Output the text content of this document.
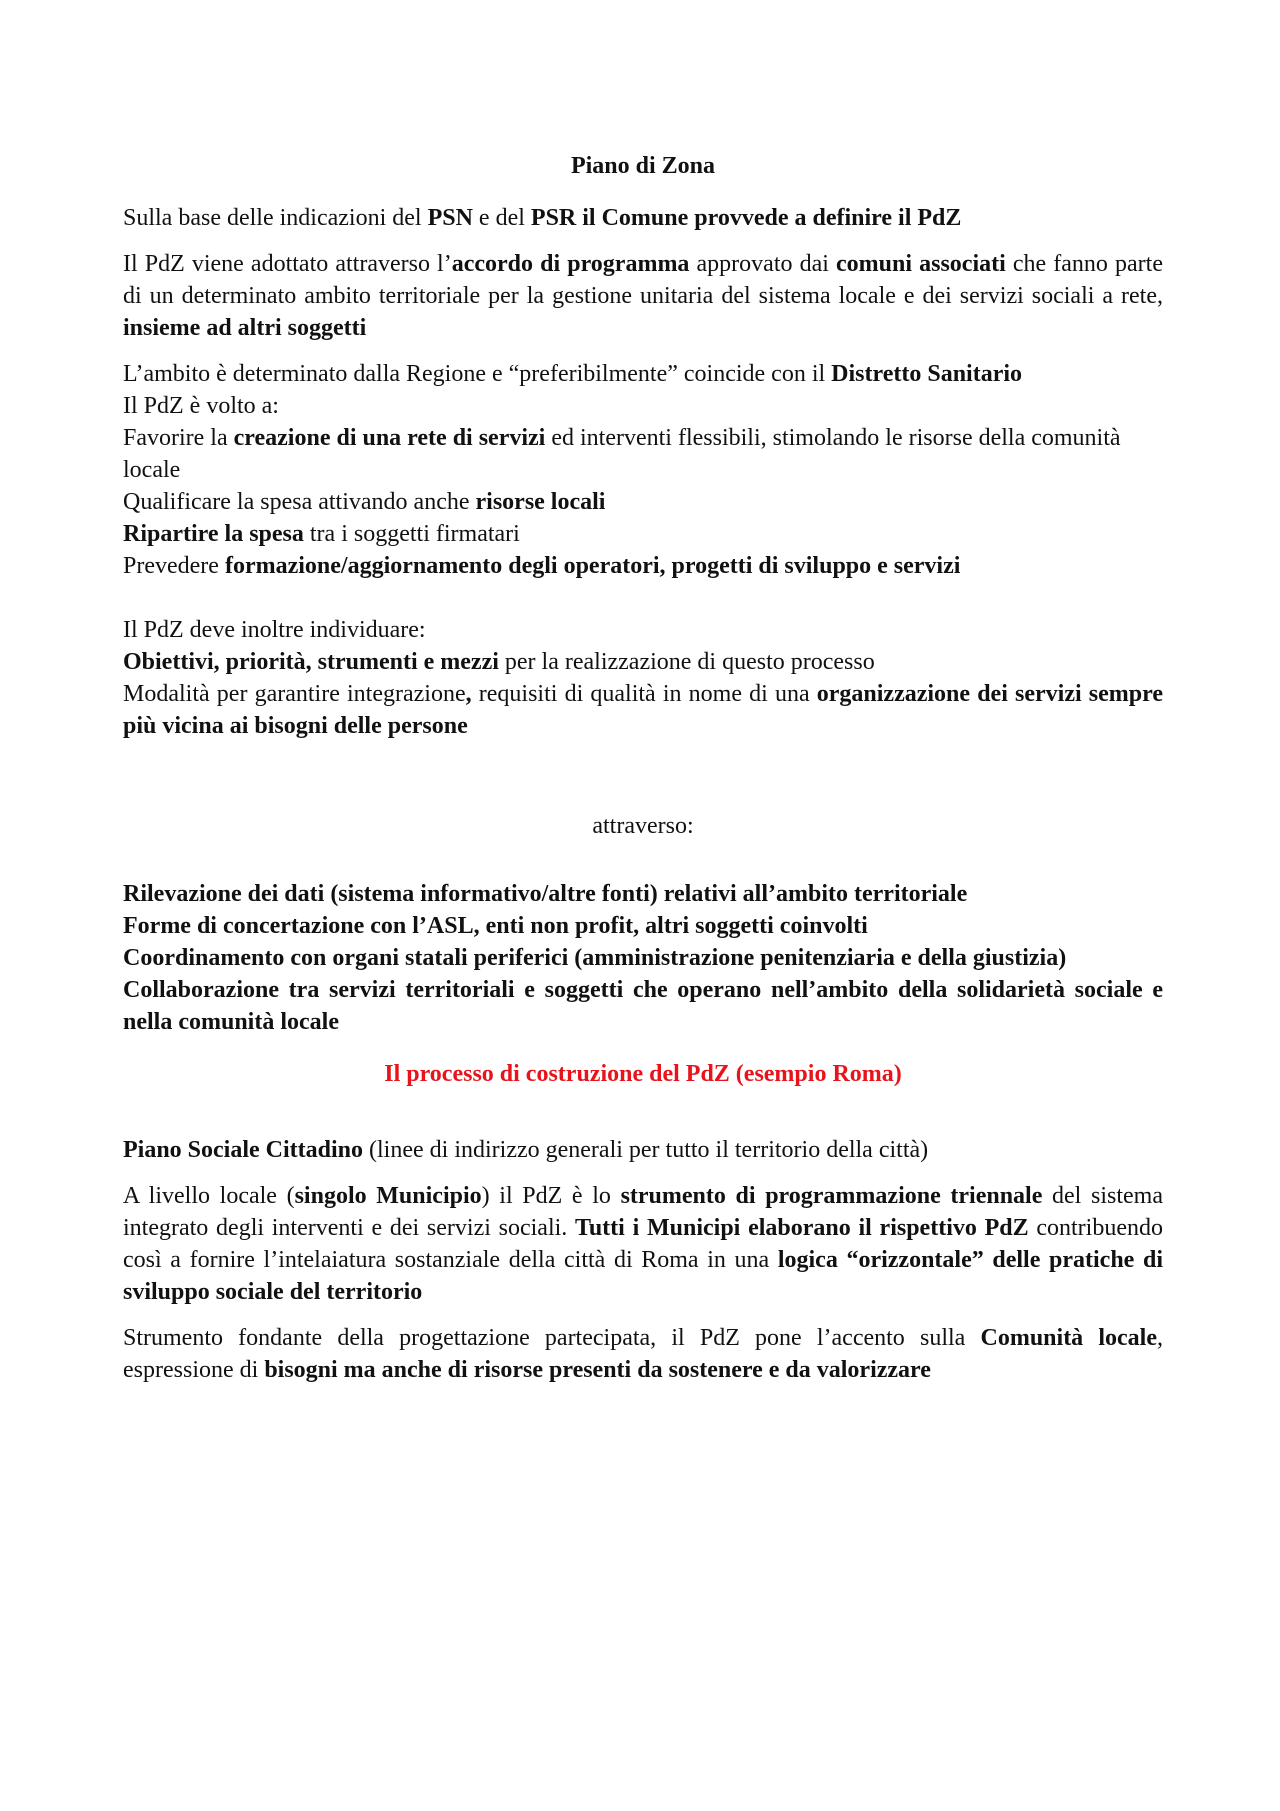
Piano di Zona

Sulla base delle indicazioni del PSN e del PSR il Comune provvede a definire il PdZ

Il PdZ viene adottato attraverso l’accordo di programma approvato dai comuni associati che fanno parte di un determinato ambito territoriale per la gestione unitaria del sistema locale e dei servizi sociali a rete, insieme ad altri soggetti

L’ambito è determinato dalla Regione e “preferibilmente” coincide con il Distretto Sanitario

Il PdZ è volto a:

Favorire la creazione di una rete di servizi ed interventi flessibili, stimolando le risorse della comunità locale

Qualificare la spesa attivando anche risorse locali

Ripartire la spesa tra i soggetti firmatari

Prevedere formazione/aggiornamento degli operatori, progetti di sviluppo e servizi

Il PdZ deve inoltre individuare:

Obiettivi, priorità, strumenti e mezzi per la realizzazione di questo processo

Modalità per garantire integrazione, requisiti di qualità in nome di una organizzazione dei servizi sempre più vicina ai bisogni delle persone

attraverso:

Rilevazione dei dati (sistema informativo/altre fonti) relativi all’ambito territoriale

Forme di concertazione con l’ASL, enti non profit, altri soggetti coinvolti

Coordinamento con organi statali periferici (amministrazione penitenziaria e della giustizia)

Collaborazione tra servizi territoriali e soggetti che operano nell’ambito della solidarietà sociale e nella comunità locale

Il processo di costruzione del PdZ (esempio Roma)

Piano Sociale Cittadino (linee di indirizzo generali per tutto il territorio della città)

A livello locale (singolo Municipio) il PdZ è lo strumento di programmazione triennale del sistema integrato degli interventi e dei servizi sociali. Tutti i Municipi elaborano il rispettivo PdZ contribuendo così a fornire l’intelaiatura sostanziale della città di Roma in una logica “orizzontale” delle pratiche di sviluppo sociale del territorio

Strumento fondante della progettazione partecipata, il PdZ pone l’accento sulla Comunità locale, espressione di bisogni ma anche di risorse presenti da sostenere e da valorizzare
